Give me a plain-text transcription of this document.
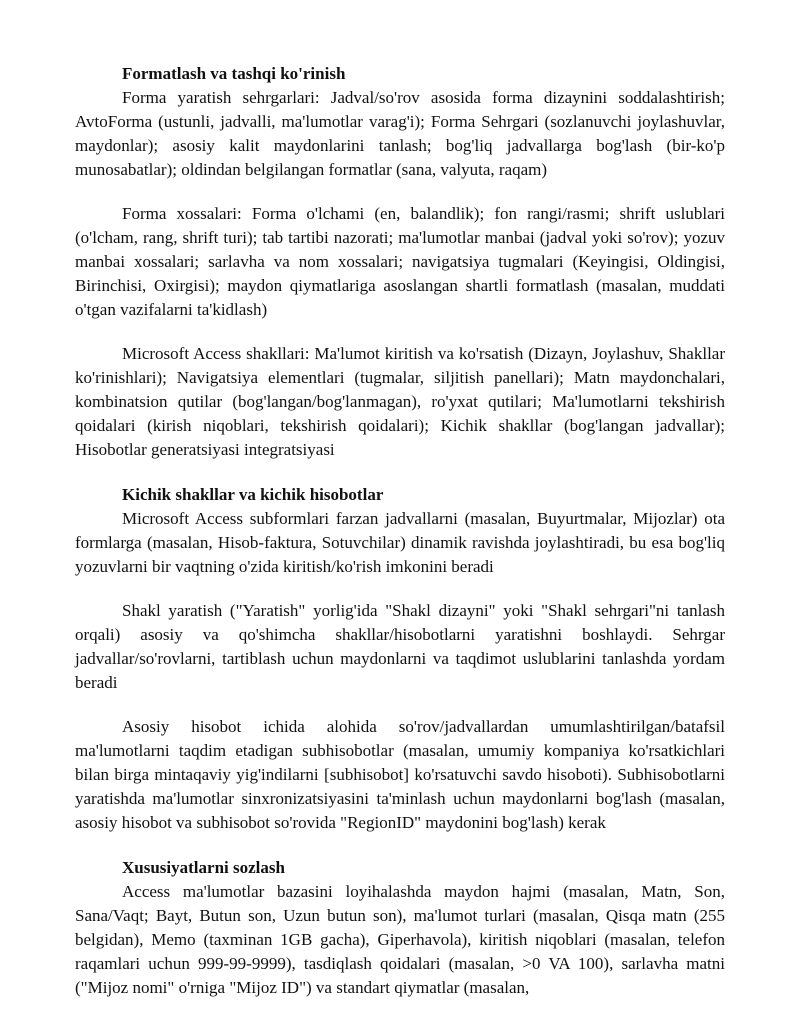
Formatlash va tashqi ko'rinish

Forma yaratish sehrgarlari: Jadval/so'rov asosida forma dizaynini soddalashtirish; AvtoForma (ustunli, jadvalli, ma'lumotlar varag'i); Forma Sehrgari (sozlanuvchi joylashuvlar, maydonlar); asosiy kalit maydonlarini tanlash; bog'liq jadvallarga bog'lash (bir-ko'p munosabatlar); oldindan belgilangan formatlar (sana, valyuta, raqam)

Forma xossalari: Forma o'lchami (en, balandlik); fon rangi/rasmi; shrift uslublari (o'lcham, rang, shrift turi); tab tartibi nazorati; ma'lumotlar manbai (jadval yoki so'rov); yozuv manbai xossalari; sarlavha va nom xossalari; navigatsiya tugmalari (Keyingisi, Oldingisi, Birinchisi, Oxirgisi); maydon qiymatlariga asoslangan shartli formatlash (masalan, muddati o'tgan vazifalarni ta'kidlash)

Microsoft Access shakllari: Ma'lumot kiritish va ko'rsatish (Dizayn, Joylashuv, Shakllar ko'rinishlari); Navigatsiya elementlari (tugmalar, siljitish panellari); Matn maydonchalari, kombinatsion qutilar (bog'langan/bog'lanmagan), ro'yxat qutilari; Ma'lumotlarni tekshirish qoidalari (kirish niqoblari, tekshirish qoidalari); Kichik shakllar (bog'langan jadvallar); Hisobotlar generatsiyasi integratsiyasi

Kichik shakllar va kichik hisobotlar

Microsoft Access subformlari farzan jadvallarni (masalan, Buyurtmalar, Mijozlar) ota formlarga (masalan, Hisob-faktura, Sotuvchilar) dinamik ravishda joylashtiradi, bu esa bog'liq yozuvlarni bir vaqtning o'zida kiritish/ko'rish imkonini beradi

Shakl yaratish ("Yaratish" yorlig'ida "Shakl dizayni" yoki "Shakl sehrgari"ni tanlash orqali) asosiy va qo'shimcha shakllar/hisobotlarni yaratishni boshlaydi. Sehrgar jadvallar/so'rovlarni, tartiblash uchun maydonlarni va taqdimot uslublarini tanlashda yordam beradi

Asosiy hisobot ichida alohida so'rov/jadvallardan umumlashtirilgan/batafsil ma'lumotlarni taqdim etadigan subhisobotlar (masalan, umumiy kompaniya ko'rsatkichlari bilan birga mintaqaviy yig'indilarni [subhisobot] ko'rsatuvchi savdo hisoboti). Subhisobotlarni yaratishda ma'lumotlar sinxronizatsiyasini ta'minlash uchun maydonlarni bog'lash (masalan, asosiy hisobot va subhisobot so'rovida "RegionID" maydonini bog'lash) kerak

Xususiyatlarni sozlash

Access ma'lumotlar bazasini loyihalashda maydon hajmi (masalan, Matn, Son, Sana/Vaqt; Bayt, Butun son, Uzun butun son), ma'lumot turlari (masalan, Qisqa matn (255 belgidan), Memo (taxminan 1GB gacha), Giperhavola), kiritish niqoblari (masalan, telefon raqamlari uchun 999-99-9999), tasdiqlash qoidalari (masalan, >0 VA 100), sarlavha matni ("Mijoz nomi" o'rniga "Mijoz ID") va standart qiymatlar (masalan,
